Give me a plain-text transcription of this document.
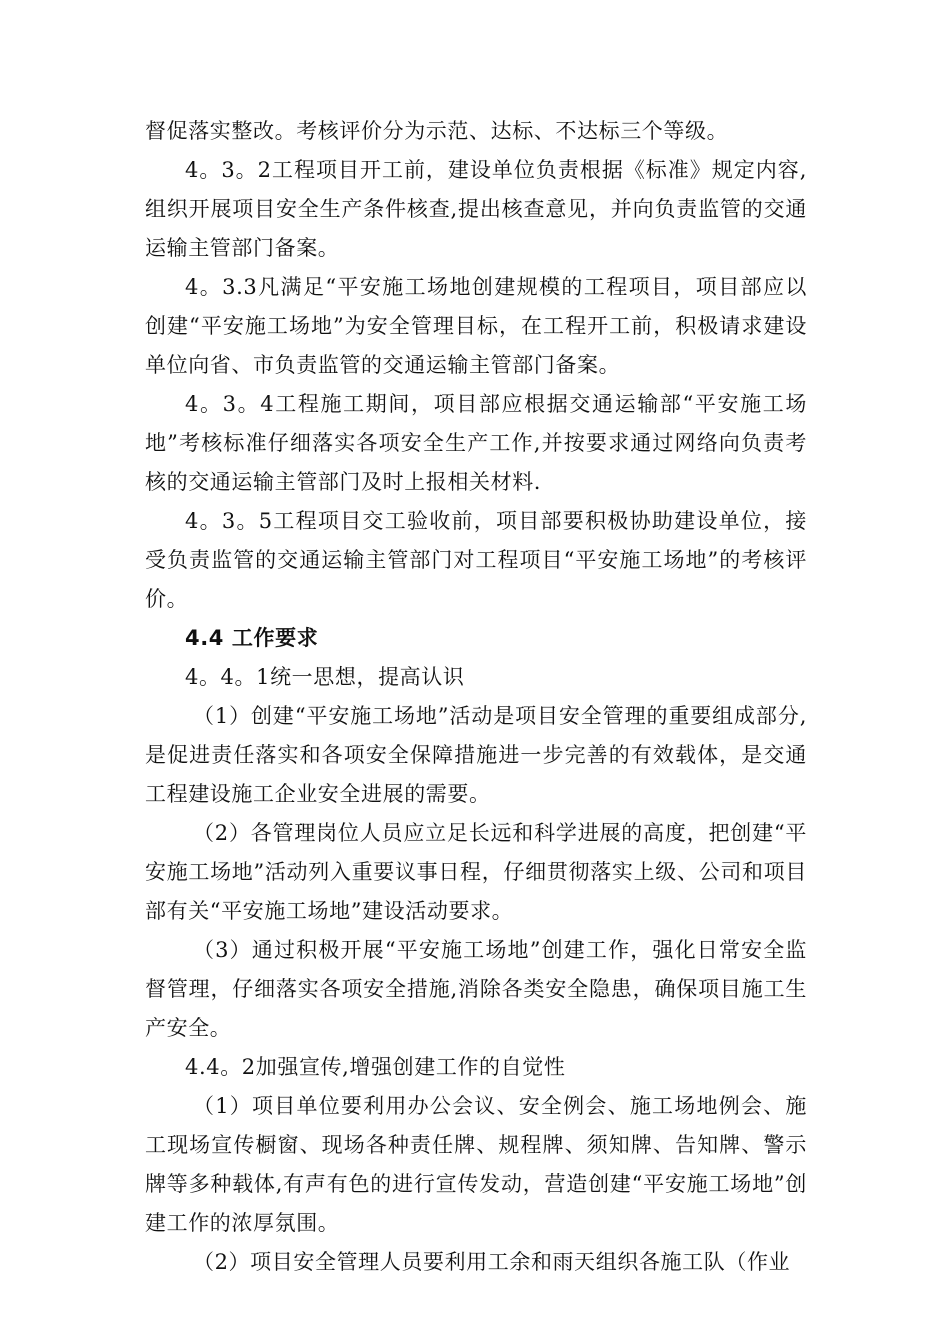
督促落实整改。考核评价分为示范、达标、不达标三个等级。

4。3。2工程项目开工前，建设单位负责根据《标准》规定内容,组织开展项目安全生产条件核查,提出核查意见，并向负责监管的交通运输主管部门备案。

4。3.3凡满足“平安施工场地创建规模的工程项目，项目部应以创建“平安施工场地”为安全管理目标，在工程开工前，积极请求建设单位向省、市负责监管的交通运输主管部门备案。

4。3。4工程施工期间，项目部应根据交通运输部“平安施工场地”考核标准仔细落实各项安全生产工作,并按要求通过网络向负责考核的交通运输主管部门及时上报相关材料.

4。3。5工程项目交工验收前，项目部要积极协助建设单位，接受负责监管的交通运输主管部门对工程项目“平安施工场地”的考核评价。

4.4 工作要求

4。4。1统一思想，提高认识

（1）创建“平安施工场地”活动是项目安全管理的重要组成部分,是促进责任落实和各项安全保障措施进一步完善的有效载体，是交通工程建设施工企业安全进展的需要。

（2）各管理岗位人员应立足长远和科学进展的高度，把创建“平安施工场地”活动列入重要议事日程，仔细贯彻落实上级、公司和项目部有关“平安施工场地”建设活动要求。

（3）通过积极开展“平安施工场地”创建工作，强化日常安全监督管理，仔细落实各项安全措施,消除各类安全隐患，确保项目施工生产安全。

4.4。2加强宣传,增强创建工作的自觉性

（1）项目单位要利用办公会议、安全例会、施工场地例会、施工现场宣传橱窗、现场各种责任牌、规程牌、须知牌、告知牌、警示牌等多种载体,有声有色的进行宣传发动，营造创建“平安施工场地”创建工作的浓厚氛围。

（2）项目安全管理人员要利用工余和雨天组织各施工队（作业
